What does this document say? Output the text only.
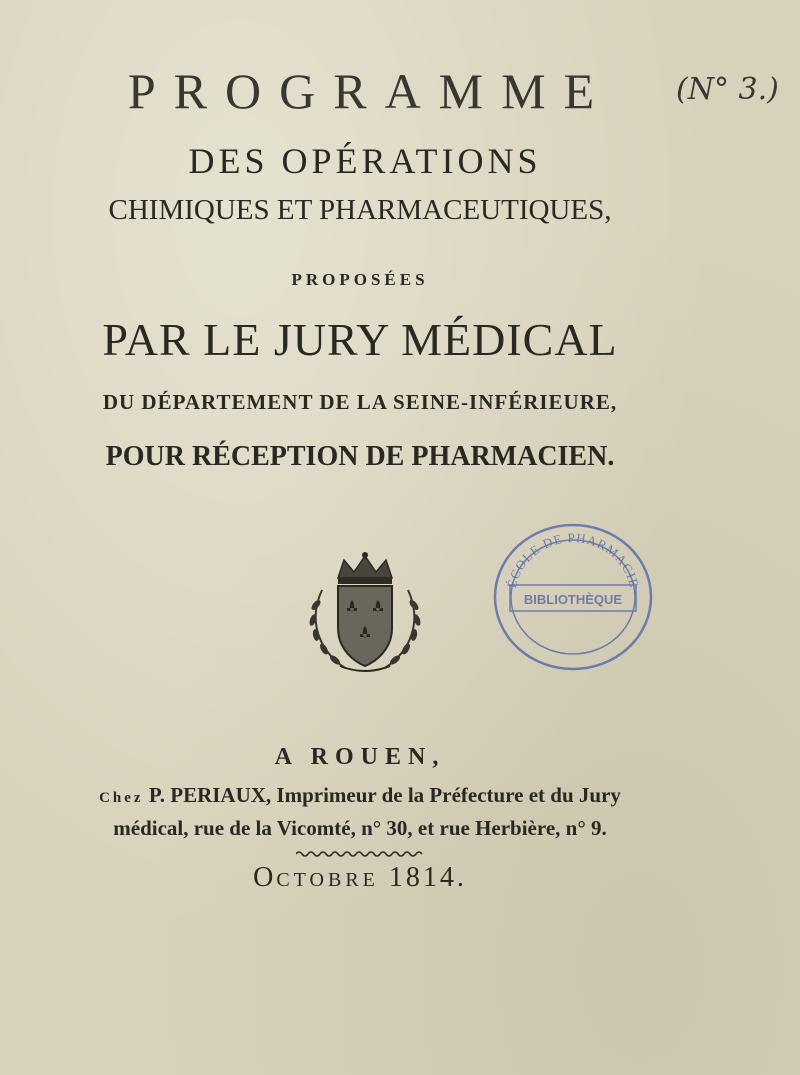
PROGRAMME	(N° 3.)
DES OPÉRATIONS
CHIMIQUES ET PHARMACEUTIQUES,
PROPOSÉES
PAR LE JURY MÉDICAL
DU DÉPARTEMENT DE LA SEINE-INFÉRIEURE,
POUR RÉCEPTION DE PHARMACIEN.
ÉCOLE DE PHARMACIE
BIBLIOTHÈQUE
A ROUEN,
Chez P. PERIAUX, Imprimeur de la Préfecture et du Jury
médical, rue de la Vicomté, n° 30, et rue Herbière, n° 9.
OCTOBRE 1814.
